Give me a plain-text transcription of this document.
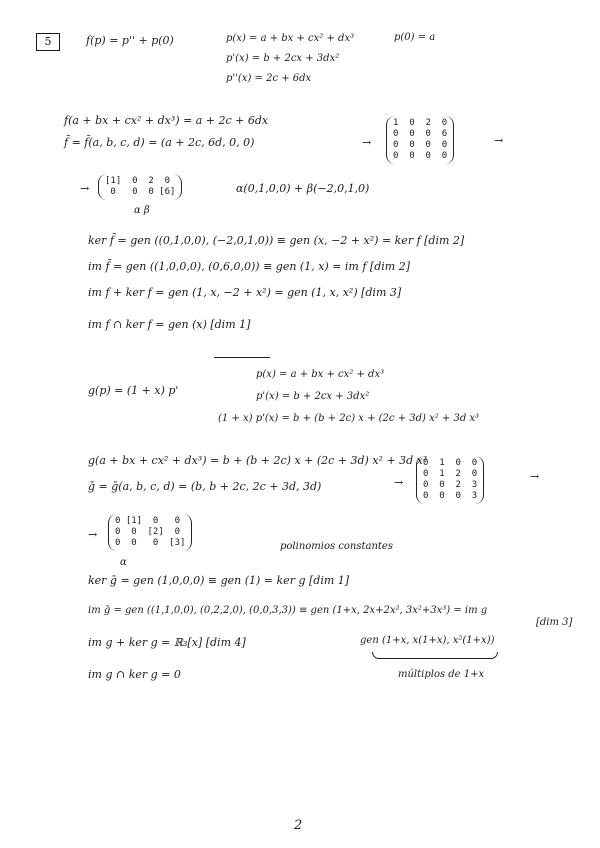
5	f(p) = p'' + p(0)	p(x) = a + bx + cx² + dx³	p(0) = a
p'(x) = b + 2cx + 3dx²
p''(x) = 2c + 6dx
f(a + bx + cx² + dx³) = a + 2c + 6dx
f̄ = f̄(a, b, c, d) = (a + 2c, 6d, 0, 0)	→
1  0  2  0
0  0  0  6
0  0  0  0
0  0  0  0
→
→
[1]  0  2  0
0   0  0 [6]
α β
α(0,1,0,0) + β(−2,0,1,0)
ker f̄ = gen ((0,1,0,0), (−2,0,1,0)) ≡ gen (x, −2 + x²) = ker f [dim 2]
im f̄ = gen ((1,0,0,0), (0,6,0,0)) ≡ gen (1, x) = im f [dim 2]
im f + ker f = gen (1, x, −2 + x²) = gen (1, x, x²) [dim 3]
im f ∩ ker f = gen (x) [dim 1]
g(p) = (1 + x) p'
p(x) = a + bx + cx² + dx³
p'(x) = b + 2cx + 3dx²
(1 + x) p'(x) = b + (b + 2c) x + (2c + 3d) x² + 3d x³
g(a + bx + cx² + dx³) = b + (b + 2c) x + (2c + 3d) x² + 3d x³
ḡ = ḡ(a, b, c, d) = (b, b + 2c, 2c + 3d, 3d)	→
0  1  0  0
0  1  2  0
0  0  2  3
0  0  0  3
→
→
0 [1]  0   0
0  0  [2]  0
0  0   0  [3]
α
polinomios constantes
ker ḡ = gen (1,0,0,0) ≡ gen (1) = ker g [dim 1]
im ḡ = gen ((1,1,0,0), (0,2,2,0), (0,0,3,3)) ≡ gen (1+x, 2x+2x², 3x²+3x³) = im g
[dim 3]
im g + ker g = ℝ₃[x] [dim 4]
im g ∩ ker g = 0
gen (1+x, x(1+x), x²(1+x))
múltiplos de 1+x
2
